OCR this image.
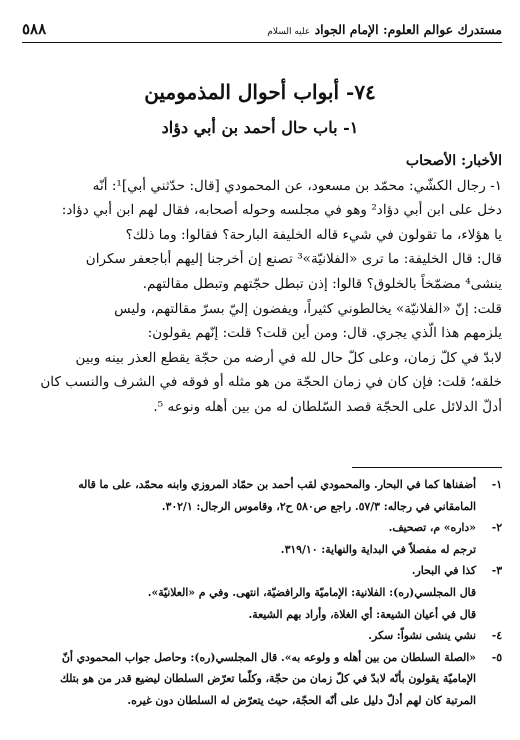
مستدرك عوالم العلوم: الإمام الجواد عليه السلام
٥٨٨
٧٤- أبواب أحوال المذمومين
١- باب حال أحمد بن أبي دؤاد

الأخبار: الأصحاب

١- رجال الكشّي: محمّد بن مسعود، عن المحمودي [قال: حدّثني أبي]¹: أنّه

دخل على ابن أبي دؤاد² وهو في مجلسه وحوله أصحابه، فقال لهم ابن أبي دؤاد:

يا هؤلاء، ما تقولون في شيء قاله الخليفة البارحة؟ فقالوا: وما ذلك؟

قال: قال الخليفة: ما ترى «الفلانيّة»³ تصنع إن أخرجنا إليهم أباجعفر سكران

ينشى⁴ مضمّخاً بالخلوق؟ قالوا: إذن تبطل حجّتهم وتبطل مقالتهم.

قلت: إنّ «الفلانيّة» يخالطوني كثيراً، ويفضون إليّ بسرّ مقالتهم، وليس

يلزمهم هذا الّذي يجري. قال: ومن أين قلت؟ قلت: إنّهم يقولون:

لابدّ في كلّ زمان، وعلى كلّ حال لله في أرضه من حجّة يقطع العذر بينه وبين

خلقه؛ قلت: فإن كان في زمان الحجّة من هو مثله أو فوقه في الشرف والنسب كان

أدلّ الدلائل على الحجّة قصد السّلطان له من بين أهله ونوعه ⁵.

١-
أضفناها كما في البحار. والمحمودي لقب أحمد بن حمّاد المروزي وابنه محمّد، على ما قاله
المامقاني في رجاله: ٥٧/٣. راجع ص٥٨٠ ح٢، وقاموس الرجال: ٣٠٢/١.
٢-
«داره» م، تصحيف.
ترجم له مفصلاً في البداية والنهاية: ٣١٩/١٠.
٣-
كذا في البحار.
قال المجلسي(ره): الفلانية: الإماميّة والرافضيّة، انتهى. وفي م «العلانيّة».
قال في أعيان الشيعة: أي الغلاة، وأراد بهم الشيعة.
٤-
نشي ينشى نشواً: سكر.
٥-
«الصلة السلطان من بين أهله و ولوعه به». قال المجلسي(ره): وحاصل جواب المحمودي أنّ
الإماميّة يقولون بأنّه لابدّ في كلّ زمان من حجّة، وكلّما تعرّض السلطان ليضيع قدر من هو بتلك
المرتبة كان لهم أدلّ دليل على أنّه الحجّة، حيث يتعرّض له السلطان دون غيره.
